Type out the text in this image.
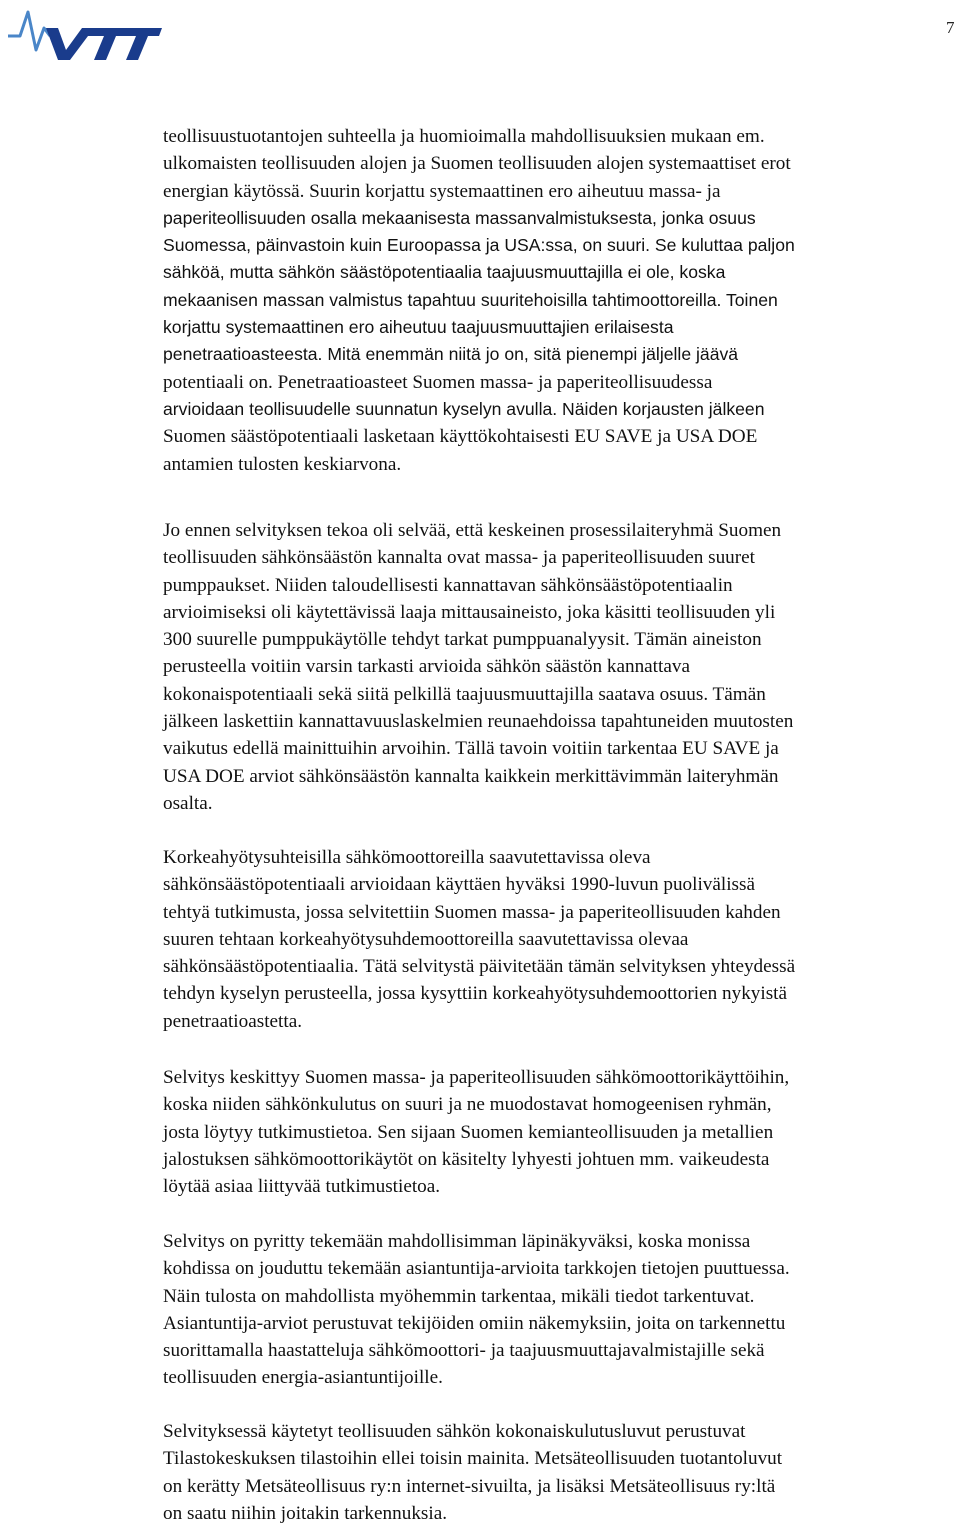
7
teollisuustuotantojen suhteella ja huomioimalla mahdollisuuksien mukaan em.
ulkomaisten teollisuuden alojen ja Suomen teollisuuden alojen systemaattiset erot
energian käytössä. Suurin korjattu systemaattinen ero aiheutuu massa- ja
paperiteollisuuden osalla mekaanisesta massanvalmistuksesta, jonka osuus
Suomessa, päinvastoin kuin Euroopassa ja USA:ssa, on suuri. Se kuluttaa paljon
sähköä, mutta sähkön säästöpotentiaalia taajuusmuuttajilla ei ole, koska
mekaanisen massan valmistus tapahtuu suuritehoisilla tahtimoottoreilla. Toinen
korjattu systemaattinen ero aiheutuu taajuusmuuttajien erilaisesta
penetraatioasteesta. Mitä enemmän niitä jo on, sitä pienempi jäljelle jäävä
potentiaali on. Penetraatioasteet Suomen massa- ja paperiteollisuudessa
arvioidaan teollisuudelle suunnatun kyselyn avulla. Näiden korjausten jälkeen
Suomen säästöpotentiaali lasketaan käyttökohtaisesti EU SAVE ja USA DOE
antamien tulosten keskiarvona.
Jo ennen selvityksen tekoa oli selvää, että keskeinen prosessilaiteryhmä Suomen
teollisuuden sähkönsäästön kannalta ovat massa- ja paperiteollisuuden suuret
pumppaukset. Niiden taloudellisesti kannattavan sähkönsäästöpotentiaalin
arvioimiseksi oli käytettävissä laaja mittausaineisto, joka käsitti teollisuuden yli
300 suurelle pumppukäytölle tehdyt tarkat pumppuanalyysit. Tämän aineiston
perusteella voitiin varsin tarkasti arvioida sähkön säästön kannattava
kokonaispotentiaali sekä siitä pelkillä taajuusmuuttajilla saatava osuus. Tämän
jälkeen laskettiin kannattavuuslaskelmien reunaehdoissa tapahtuneiden muutosten
vaikutus edellä mainittuihin arvoihin. Tällä tavoin voitiin tarkentaa EU SAVE ja
USA DOE arviot sähkönsäästön kannalta kaikkein merkittävimmän laiteryhmän
osalta.
Korkeahyötysuhteisilla sähkömoottoreilla saavutettavissa oleva
sähkönsäästöpotentiaali arvioidaan käyttäen hyväksi 1990-luvun puolivälissä
tehtyä tutkimusta, jossa selvitettiin Suomen massa- ja paperiteollisuuden kahden
suuren tehtaan korkeahyötysuhdemoottoreilla saavutettavissa olevaa
sähkönsäästöpotentiaalia. Tätä selvitystä päivitetään tämän selvityksen yhteydessä
tehdyn kyselyn perusteella, jossa kysyttiin korkeahyötysuhdemoottorien nykyistä
penetraatioastetta.
Selvitys keskittyy Suomen massa- ja paperiteollisuuden sähkömoottorikäyttöihin,
koska niiden sähkönkulutus on suuri ja ne muodostavat homogeenisen ryhmän,
josta löytyy tutkimustietoa. Sen sijaan Suomen kemianteollisuuden ja metallien
jalostuksen sähkömoottorikäytöt on käsitelty lyhyesti johtuen mm. vaikeudesta
löytää asiaa liittyvää tutkimustietoa.
Selvitys on pyritty tekemään mahdollisimman läpinäkyväksi, koska monissa
kohdissa on jouduttu tekemään asiantuntija-arvioita tarkkojen tietojen puuttuessa.
Näin tulosta on mahdollista myöhemmin tarkentaa, mikäli tiedot tarkentuvat.
Asiantuntija-arviot perustuvat tekijöiden omiin näkemyksiin, joita on tarkennettu
suorittamalla haastatteluja sähkömoottori- ja taajuusmuuttajavalmistajille sekä
teollisuuden energia-asiantuntijoille.
Selvityksessä käytetyt teollisuuden sähkön kokonaiskulutusluvut perustuvat
Tilastokeskuksen tilastoihin ellei toisin mainita. Metsäteollisuuden tuotantoluvut
on kerätty Metsäteollisuus ry:n internet-sivuilta, ja lisäksi Metsäteollisuus ry:ltä
on saatu niihin joitakin tarkennuksia.
